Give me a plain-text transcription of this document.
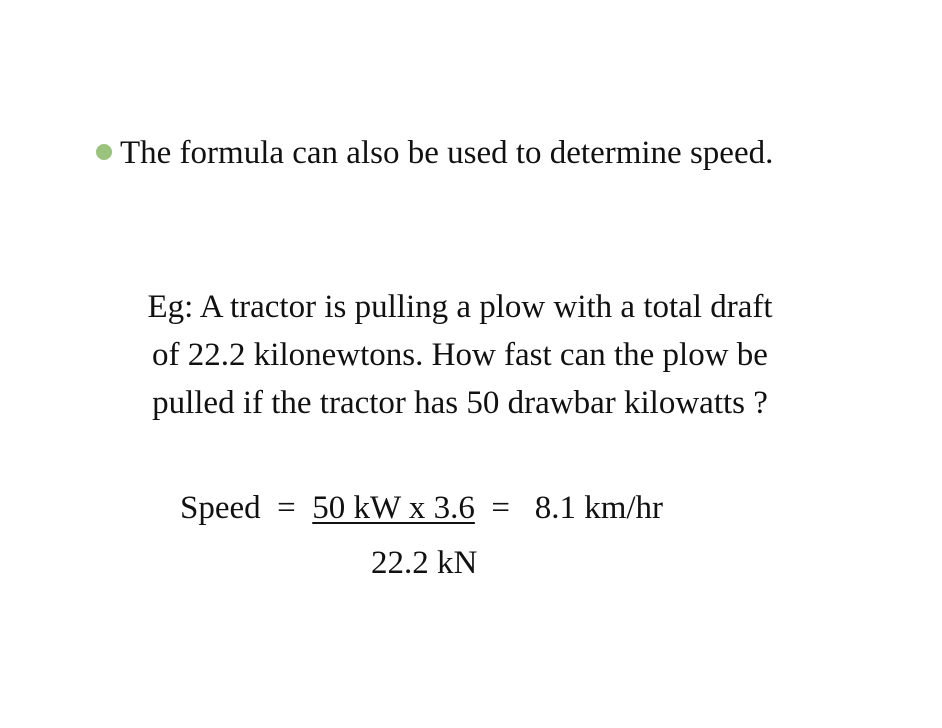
The formula can also be used to determine speed.
Eg: A tractor is pulling a plow with a total draft
of 22.2 kilonewtons. How fast can the plow be
pulled if the tractor has 50 drawbar kilowatts ?
Speed = 50 kW x 3.6 = 8.1 km/hr
22.2 kN
